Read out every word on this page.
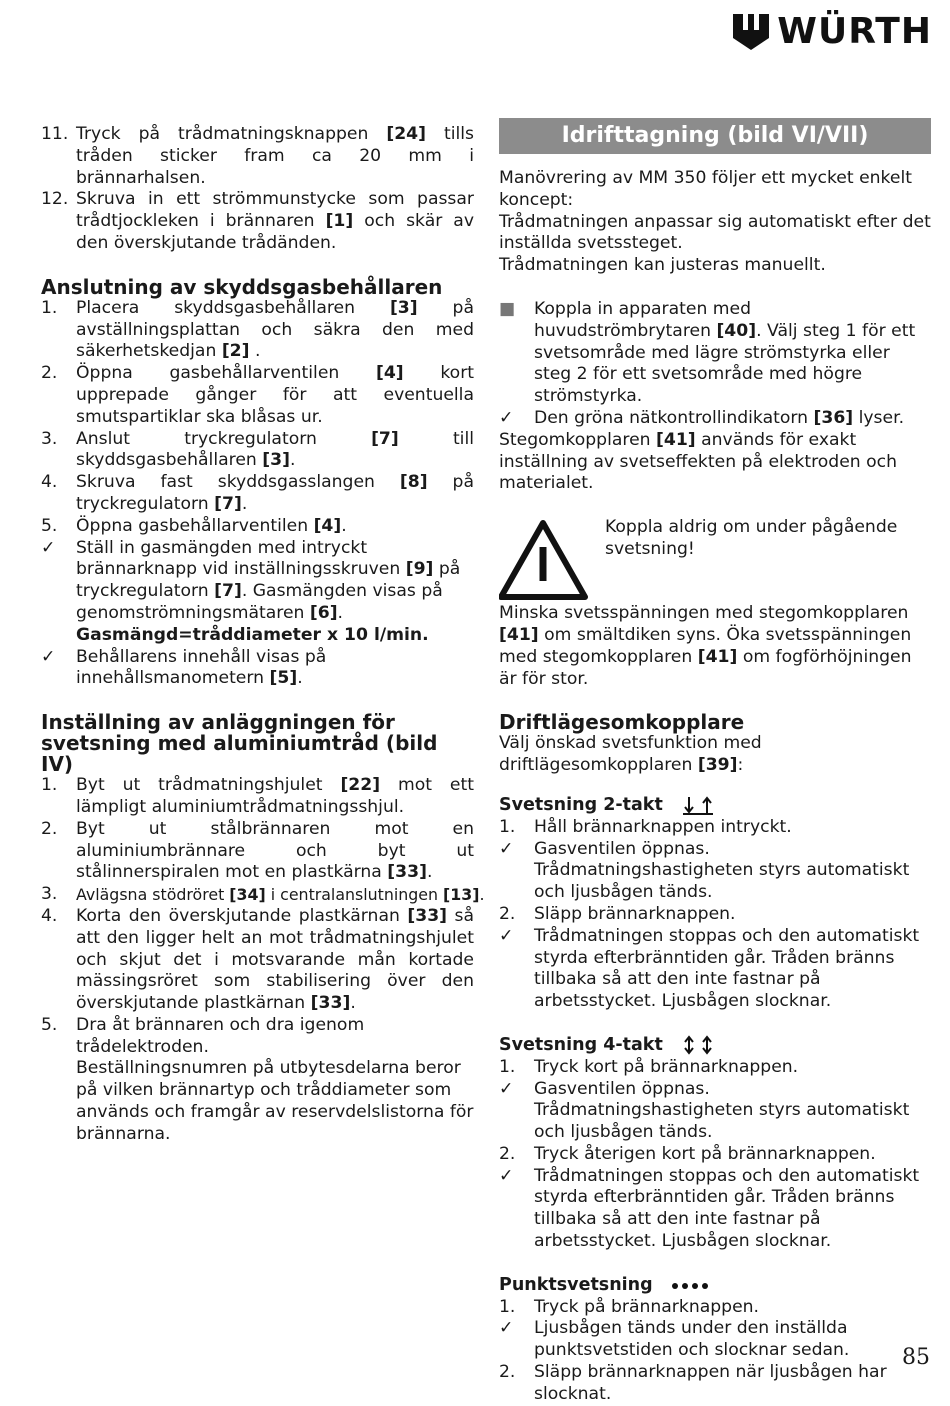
WÜRTH
11. Tryck på trådmatningsknappen [24] tills tråden sticker fram ca 20 mm i brännarhalsen.
12. Skruva in ett strömmunstycke som passar trådtjockleken i brännaren [1] och skär av den överskjutande trådänden.
Anslutning av skyddsgasbehållaren
1.	Placera skyddsgasbehållaren [3] på avställningsplattan och säkra den med säkerhetskedjan [2] .
2.	Öppna gasbehållarventilen [4] kort upprepade gånger för att eventuella smutspartiklar ska blåsas ur.
3.	Anslut tryckregulatorn [7] till skyddsgasbehållaren [3].
4.	Skruva fast skyddsgasslangen [8] på tryckregulatorn [7].
5.	Öppna gasbehållarventilen [4].
✓	Ställ in gasmängden med intryckt brännarknapp vid inställningsskruven [9] på tryckregulatorn [7]. Gasmängden visas på genomströmningsmätaren [6].
Gasmängd=tråddiameter x 10 l/min.
✓	Behållarens innehåll visas på innehållsmanometern [5].
Inställning av anläggningen för svetsning med aluminiumtråd (bild IV)
1.	Byt ut trådmatningshjulet [22] mot ett lämpligt aluminiumtrådmatningsshjul.
2.	Byt ut stålbrännaren mot en aluminiumbrännare och byt ut stålinnerspiralen mot en plastkärna [33].
3.	Avlägsna stödröret [34] i centralanslutningen [13].
4.	Korta den överskjutande plastkärnan [33] så att den ligger helt an mot trådmatningshjulet och skjut det i motsvarande mån kortade mässingsröret som stabilisering över den överskjutande plastkärnan [33].
5.	Dra åt brännaren och dra igenom trådelektroden.
Beställningsnumren på utbytesdelarna beror på vilken brännartyp och tråddiameter som används och framgår av reservdelslistorna för brännarna.
Idrifttagning (bild VI/VII)
Manövrering av MM 350 följer ett mycket enkelt koncept:
Trådmatningen anpassar sig automatiskt efter det inställda svetssteget.
Trådmatningen kan justeras manuellt.
■	Koppla in apparaten med huvudströmbrytaren [40]. Välj steg 1 för ett svetsområde med lägre strömstyrka eller steg 2 för ett svetsområde med högre strömstyrka.
✓	Den gröna nätkontrollindikatorn [36] lyser.
Stegomkopplaren [41] används för exakt inställning av svetseffekten på elektroden och materialet.
Koppla aldrig om under pågående svetsning!
Minska svetsspänningen med stegomkopplaren [41] om smältdiken syns. Öka svetsspänningen med stegomkopplaren [41] om fogförhöjningen är för stor.
Driftlägesomkopplare
Välj önskad svetsfunktion med driftlägesomkopplaren [39]:
Svetsning 2-takt
1.	Håll brännarknappen intryckt.
✓	Gasventilen öppnas. Trådmatningshastigheten styrs automatiskt och ljusbågen tänds.
2.	Släpp brännarknappen.
✓	Trådmatningen stoppas och den automatiskt styrda efterbränntiden går. Tråden bränns tillbaka så att den inte fastnar på arbetsstycket. Ljusbågen slocknar.
Svetsning 4-takt
1.	Tryck kort på brännarknappen.
✓	Gasventilen öppnas. Trådmatningshastigheten styrs automatiskt och ljusbågen tänds.
2.	Tryck återigen kort på brännarknappen.
✓	Trådmatningen stoppas och den automatiskt styrda efterbränntiden går. Tråden bränns tillbaka så att den inte fastnar på arbetsstycket. Ljusbågen slocknar.
Punktsvetsning
1.	Tryck på brännarknappen.
✓	Ljusbågen tänds under den inställda punktsvetstiden och slocknar sedan.
2.	Släpp brännarknappen när ljusbågen har slocknat.
85
